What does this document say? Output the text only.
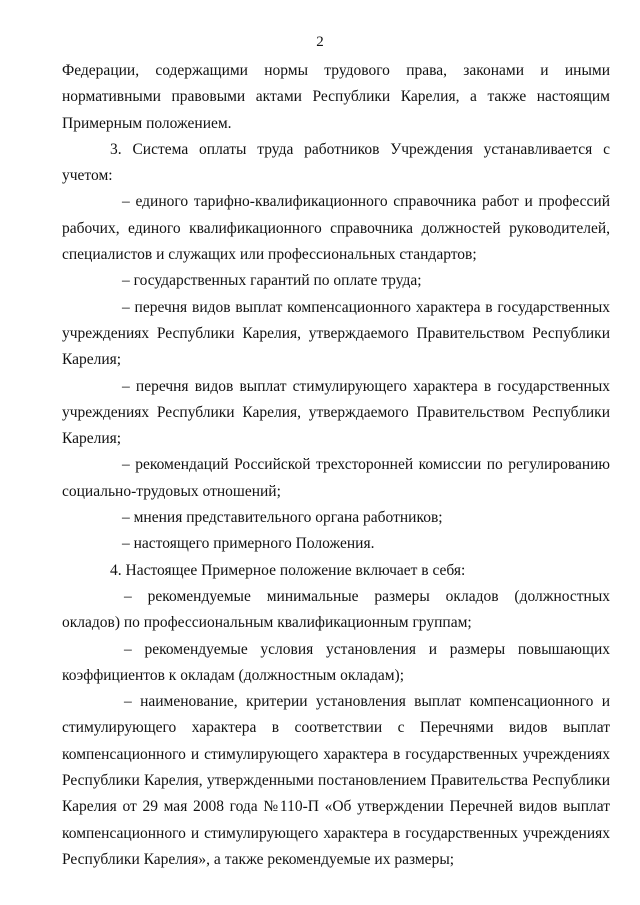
2

Федерации, содержащими нормы трудового права, законами и иными нормативными правовыми актами Республики Карелия, а также настоящим Примерным положением.

3. Система оплаты труда работников Учреждения устанавливается с учетом:

– единого тарифно-квалификационного справочника работ и профессий рабочих, единого квалификационного справочника должностей руководителей, специалистов и служащих или профессиональных стандартов;

– государственных гарантий по оплате труда;

– перечня видов выплат компенсационного характера в государственных учреждениях Республики Карелия, утверждаемого Правительством Республики Карелия;

– перечня видов выплат стимулирующего характера в государственных учреждениях Республики Карелия, утверждаемого Правительством Республики Карелия;

– рекомендаций Российской трехсторонней комиссии по регулированию социально-трудовых отношений;

– мнения представительного органа работников;

– настоящего примерного Положения.

4. Настоящее Примерное положение включает в себя:

– рекомендуемые минимальные размеры окладов (должностных окладов) по профессиональным квалификационным группам;

– рекомендуемые условия установления и размеры повышающих коэффициентов к окладам (должностным окладам);

– наименование, критерии установления выплат компенсационного и стимулирующего характера в соответствии с Перечнями видов выплат компенсационного и стимулирующего характера в государственных учреждениях Республики Карелия, утвержденными постановлением Правительства Республики Карелия от 29 мая 2008 года №110-П «Об утверждении Перечней видов выплат компенсационного и стимулирующего характера в государственных учреждениях Республики Карелия», а также рекомендуемые их размеры;
